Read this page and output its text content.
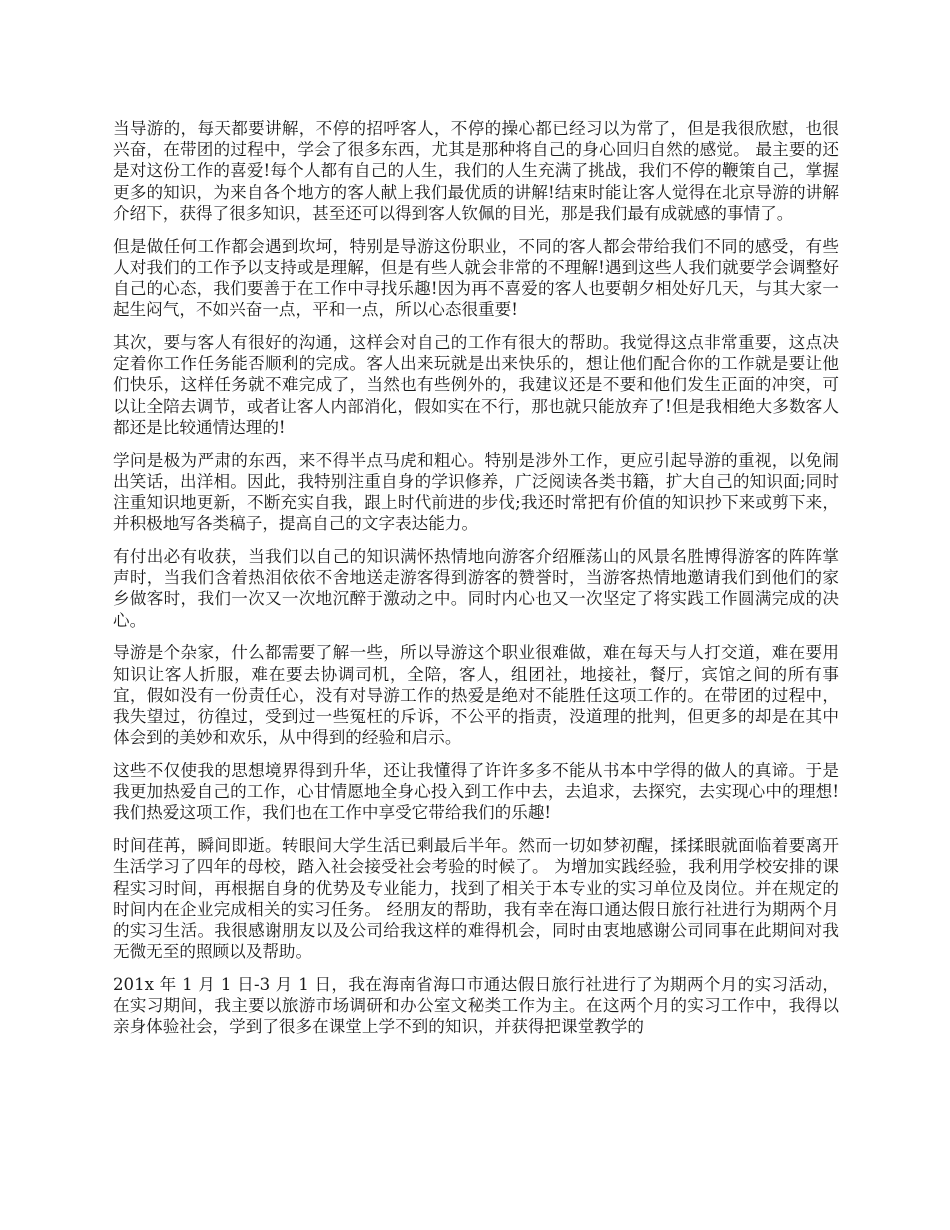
当导游的，每天都要讲解，不停的招呼客人，不停的操心都已经习以为常了，但是我很欣慰，也很兴奋，在带团的过程中，学会了很多东西，尤其是那种将自己的身心回归自然的感觉。 最主要的还是对这份工作的喜爱!每个人都有自己的人生，我们的人生充满了挑战，我们不停的鞭策自己，掌握更多的知识，为来自各个地方的客人献上我们最优质的讲解!结束时能让客人觉得在北京导游的讲解介绍下，获得了很多知识，甚至还可以得到客人钦佩的目光，那是我们最有成就感的事情了。

但是做任何工作都会遇到坎坷，特别是导游这份职业，不同的客人都会带给我们不同的感受，有些人对我们的工作予以支持或是理解，但是有些人就会非常的不理解!遇到这些人我们就要学会调整好自己的心态，我们要善于在工作中寻找乐趣!因为再不喜爱的客人也要朝夕相处好几天，与其大家一起生闷气，不如兴奋一点，平和一点，所以心态很重要!

其次，要与客人有很好的沟通，这样会对自己的工作有很大的帮助。我觉得这点非常重要，这点决定着你工作任务能否顺利的完成。客人出来玩就是出来快乐的，想让他们配合你的工作就是要让他们快乐，这样任务就不难完成了，当然也有些例外的，我建议还是不要和他们发生正面的冲突，可以让全陪去调节，或者让客人内部消化，假如实在不行，那也就只能放弃了!但是我相绝大多数客人都还是比较通情达理的!

学问是极为严肃的东西，来不得半点马虎和粗心。特别是涉外工作，更应引起导游的重视，以免闹出笑话，出洋相。因此，我特别注重自身的学识修养，广泛阅读各类书籍，扩大自己的知识面;同时注重知识地更新，不断充实自我，跟上时代前进的步伐;我还时常把有价值的知识抄下来或剪下来，并积极地写各类稿子，提高自己的文字表达能力。

有付出必有收获，当我们以自己的知识满怀热情地向游客介绍雁荡山的风景名胜博得游客的阵阵掌声时，当我们含着热泪依依不舍地送走游客得到游客的赞誉时，当游客热情地邀请我们到他们的家乡做客时，我们一次又一次地沉醉于激动之中。同时内心也又一次坚定了将实践工作圆满完成的决心。

导游是个杂家，什么都需要了解一些，所以导游这个职业很难做，难在每天与人打交道，难在要用知识让客人折服，难在要去协调司机，全陪，客人，组团社，地接社，餐厅，宾馆之间的所有事宜，假如没有一份责任心，没有对导游工作的热爱是绝对不能胜任这项工作的。在带团的过程中，我失望过，彷徨过，受到过一些冤枉的斥诉，不公平的指责，没道理的批判，但更多的却是在其中体会到的美妙和欢乐，从中得到的经验和启示。

这些不仅使我的思想境界得到升华，还让我懂得了许许多多不能从书本中学得的做人的真谛。于是我更加热爱自己的工作，心甘情愿地全身心投入到工作中去，去追求，去探究，去实现心中的理想!我们热爱这项工作，我们也在工作中享受它带给我们的乐趣!

时间荏苒，瞬间即逝。转眼间大学生活已剩最后半年。然而一切如梦初醒，揉揉眼就面临着要离开生活学习了四年的母校，踏入社会接受社会考验的时候了。 为增加实践经验，我利用学校安排的课程实习时间，再根据自身的优势及专业能力，找到了相关于本专业的实习单位及岗位。并在规定的时间内在企业完成相关的实习任务。 经朋友的帮助，我有幸在海口通达假日旅行社进行为期两个月的实习生活。我很感谢朋友以及公司给我这样的难得机会，同时由衷地感谢公司同事在此期间对我无微无至的照顾以及帮助。

201x 年 1 月 1 日-3 月 1 日，我在海南省海口市通达假日旅行社进行了为期两个月的实习活动，在实习期间，我主要以旅游市场调研和办公室文秘类工作为主。在这两个月的实习工作中，我得以亲身体验社会，学到了很多在课堂上学不到的知识，并获得把课堂教学的
